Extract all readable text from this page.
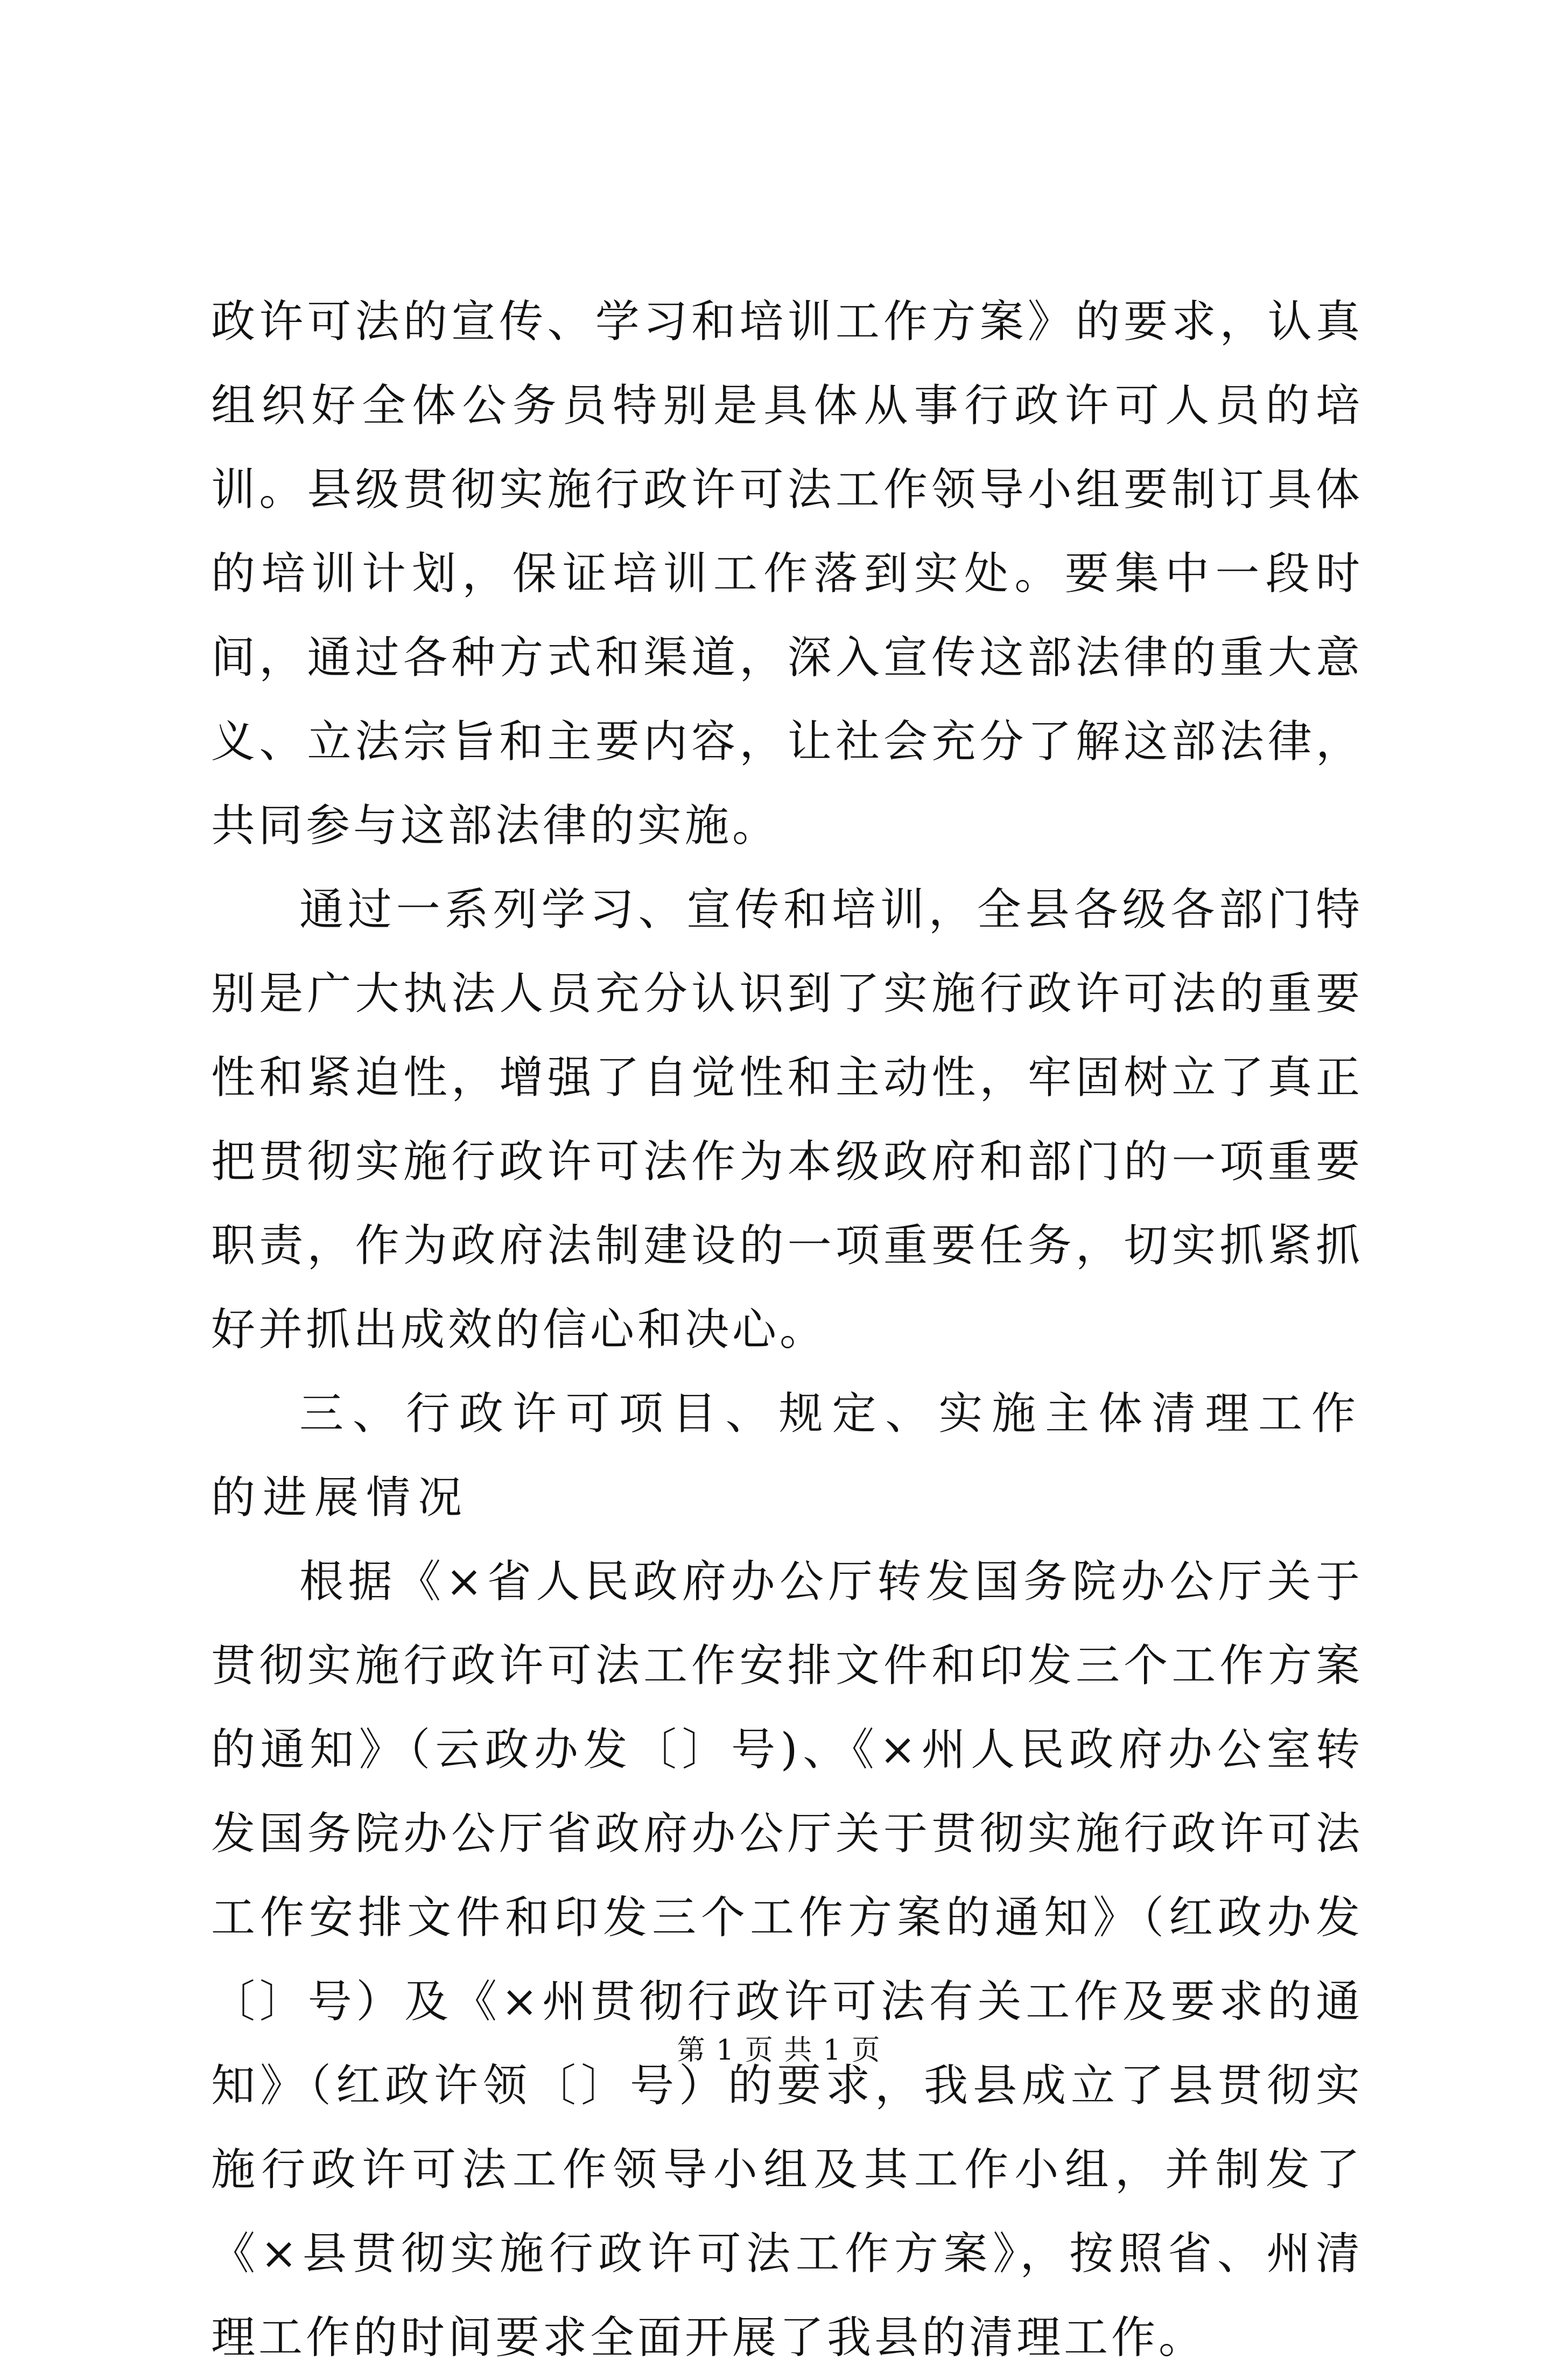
政许可法的宣传、学习和培训工作方案》的要求，认真组织好全体公务员特别是具体从事行政许可人员的培训。县级贯彻实施行政许可法工作领导小组要制订具体的培训计划，保证培训工作落到实处。要集中一段时间，通过各种方式和渠道，深入宣传这部法律的重大意义、立法宗旨和主要内容，让社会充分了解这部法律，共同参与这部法律的实施。

通过一系列学习、宣传和培训，全县各级各部门特别是广大执法人员充分认识到了实施行政许可法的重要性和紧迫性，增强了自觉性和主动性，牢固树立了真正把贯彻实施行政许可法作为本级政府和部门的一项重要职责，作为政府法制建设的一项重要任务，切实抓紧抓好并抓出成效的信心和决心。

三、行政许可项目、规定、实施主体清理工作的进展情况

根据《×省人民政府办公厅转发国务院办公厅关于贯彻实施行政许可法工作安排文件和印发三个工作方案的通知》（云政办发〔〕号)、《×州人民政府办公室转发国务院办公厅省政府办公厅关于贯彻实施行政许可法工作安排文件和印发三个工作方案的通知》（红政办发〔〕号）及《×州贯彻行政许可法有关工作及要求的通知》（红政许领〔〕号）的要求，我县成立了县贯彻实施行政许可法工作领导小组及其工作小组，并制发了《×县贯彻实施行政许可法工作方案》，按照省、州清理工作的时间要求全面开展了我县的清理工作。

第 1 页 共 1 页
